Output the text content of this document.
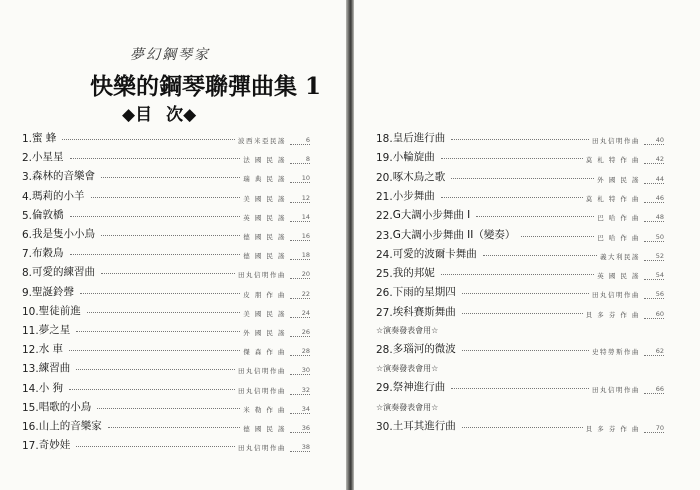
夢幻鋼琴家
快樂的鋼琴聯彈曲集 1
◆目 次◆
1. 蜜 蜂	波西米亞民謠	6
2. 小星星	法 國 民 謠	8
3. 森林的音樂會	瑞 典 民 謠	10
4. 瑪莉的小羊	美 國 民 謠	12
5. 倫敦橋	英 國 民 謠	14
6. 我是隻小小鳥	德 國 民 謠	16
7. 布穀鳥	德 國 民 謠	18
8. 可愛的練習曲	田丸信明作曲	20
9. 聖誕鈴聲	皮 朋 作 曲	22
10. 聖徒前進	美 國 民 謠	24
11. 夢之星	外 國 民 謠	26
12. 水 車	傑 森 作 曲	28
13. 練習曲	田丸信明作曲	30
14. 小 狗	田丸信明作曲	32
15. 唱歌的小鳥	米 勒 作 曲	34
16. 山上的音樂家	德 國 民 謠	36
17. 奇妙娃	田丸信明作曲	38
18. 皇后進行曲	田丸信明作曲	40
19. 小輪旋曲	莫 札 特 作 曲	42
20. 啄木鳥之歌	外 國 民 謠	44
21. 小步舞曲	莫 札 特 作 曲	46
22. G大調小步舞曲 I	巴 哈 作 曲	48
23. G大調小步舞曲 II（變奏）	巴 哈 作 曲	50
24. 可愛的波爾卡舞曲	義大利民謠	52
25. 我的邦妮	英 國 民 謠	54
26. 下雨的星期四	田丸信明作曲	56
27. 埃科賽斯舞曲	貝 多 芬 作 曲	60
28. 多瑙河的微波	史特勞斯作曲	62
29. 祭神進行曲	田丸信明作曲	66
30. 土耳其進行曲	貝 多 芬 作 曲	70
☆演奏發表會用☆
☆演奏發表會用☆
☆演奏發表會用☆
